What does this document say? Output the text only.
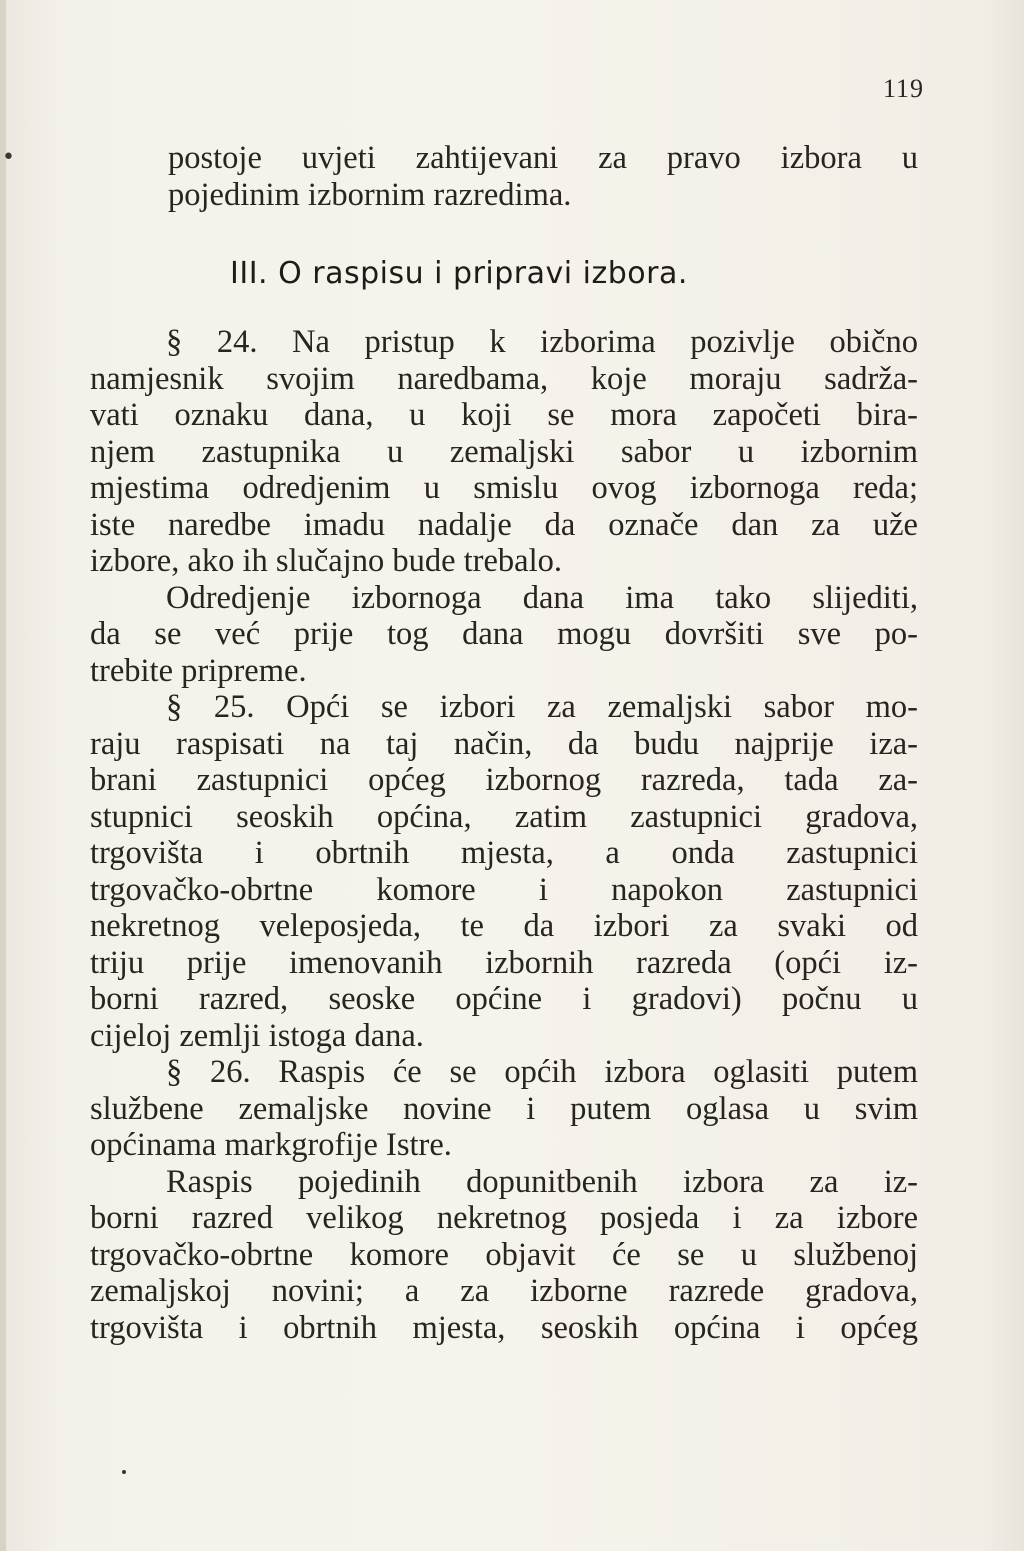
•
119
postoje uvjeti zahtijevani za pravo izbora u
pojedinim izbornim razredima.
III. O raspisu i pripravi izbora.
§ 24. Na pristup k izborima pozivlje obično
namjesnik svojim naredbama, koje moraju sadrža-
vati oznaku dana, u koji se mora započeti bira-
njem zastupnika u zemaljski sabor u izbornim
mjestima odredjenim u smislu ovog izbornoga reda;
iste naredbe imadu nadalje da označe dan za uže
izbore, ako ih slučajno bude trebalo.
Odredjenje izbornoga dana ima tako slijediti,
da se već prije tog dana mogu dovršiti sve po-
trebite pripreme.
§ 25. Opći se izbori za zemaljski sabor mo-
raju raspisati na taj način, da budu najprije iza-
brani zastupnici općeg izbornog razreda, tada za-
stupnici seoskih općina, zatim zastupnici gradova,
trgovišta i obrtnih mjesta, a onda zastupnici
trgovačko-obrtne komore i napokon zastupnici
nekretnog veleposjeda, te da izbori za svaki od
triju prije imenovanih izbornih razreda (opći iz-
borni razred, seoske općine i gradovi) počnu u
cijeloj zemlji istoga dana.
§ 26. Raspis će se općih izbora oglasiti putem
službene zemaljske novine i putem oglasa u svim
općinama markgrofije Istre.
Raspis pojedinih dopunitbenih izbora za iz-
borni razred velikog nekretnog posjeda i za izbore
trgovačko-obrtne komore objavit će se u službenoj
zemaljskoj novini; a za izborne razrede gradova,
trgovišta i obrtnih mjesta, seoskih općina i općeg
